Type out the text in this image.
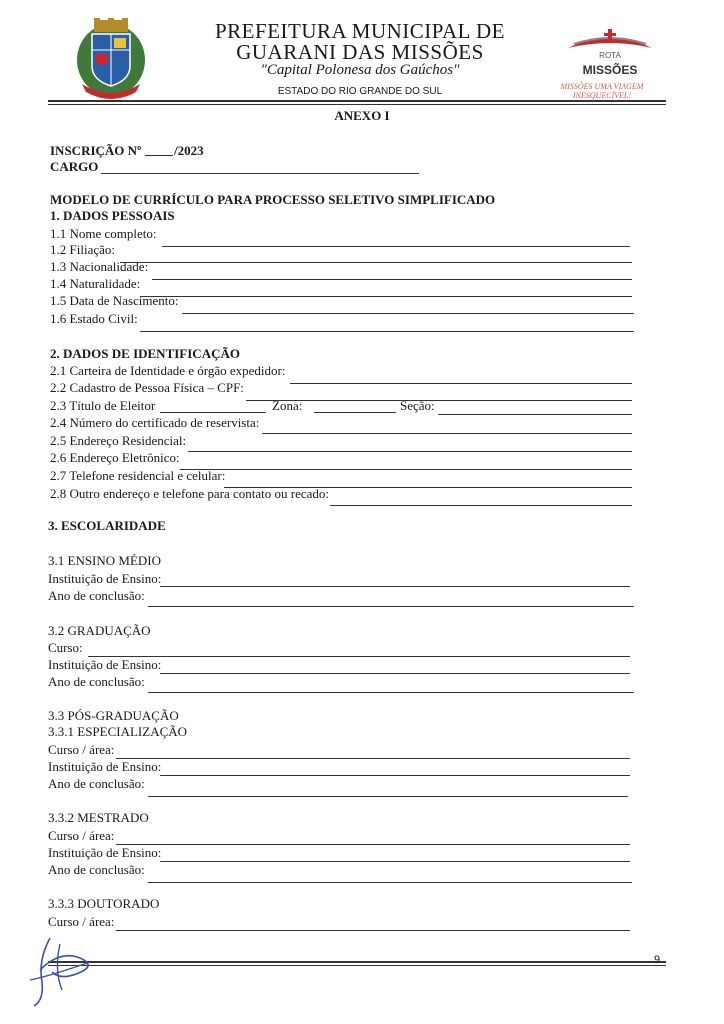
PREFEITURA MUNICIPAL DE
GUARANI DAS MISSÕES
"Capital Polonesa dos Gaúchos"
ESTADO DO RIO GRANDE DO SUL
ROTA
MISSÕES
MISSÕES UMA VIAGEM
INESQUECÍVEL!
ANEXO I
INSCRIÇÃO Nº	/2023
CARGO
MODELO DE CURRÍCULO PARA PROCESSO SELETIVO SIMPLIFICADO
1. DADOS PESSOAIS
1.1 Nome completo:
1.2 Filiação:
1.3 Nacionalidade:
1.4 Naturalidade:
1.5 Data de Nascimento:
1.6 Estado Civil:
2. DADOS DE IDENTIFICAÇÃO
2.1 Carteira de Identidade e órgão expedidor:
2.2 Cadastro de Pessoa Física – CPF:
2.3 Título de Eleitor	Zona:	Seção:
2.4 Número do certificado de reservista:
2.5 Endereço Residencial:
2.6 Endereço Eletrônico:
2.7 Telefone residencial e celular:
2.8 Outro endereço e telefone para contato ou recado:
3. ESCOLARIDADE
3.1 ENSINO MÉDIO
Instituição de Ensino:
Ano de conclusão:
3.2 GRADUAÇÃO
Curso:
Instituição de Ensino:
Ano de conclusão:
3.3 PÓS-GRADUAÇÃO
3.3.1 ESPECIALIZAÇÃO
Curso / área:
Instituição de Ensino:
Ano de conclusão:
3.3.2 MESTRADO
Curso / área:
Instituição de Ensino:
Ano de conclusão:
3.3.3 DOUTORADO
Curso / área:
9
